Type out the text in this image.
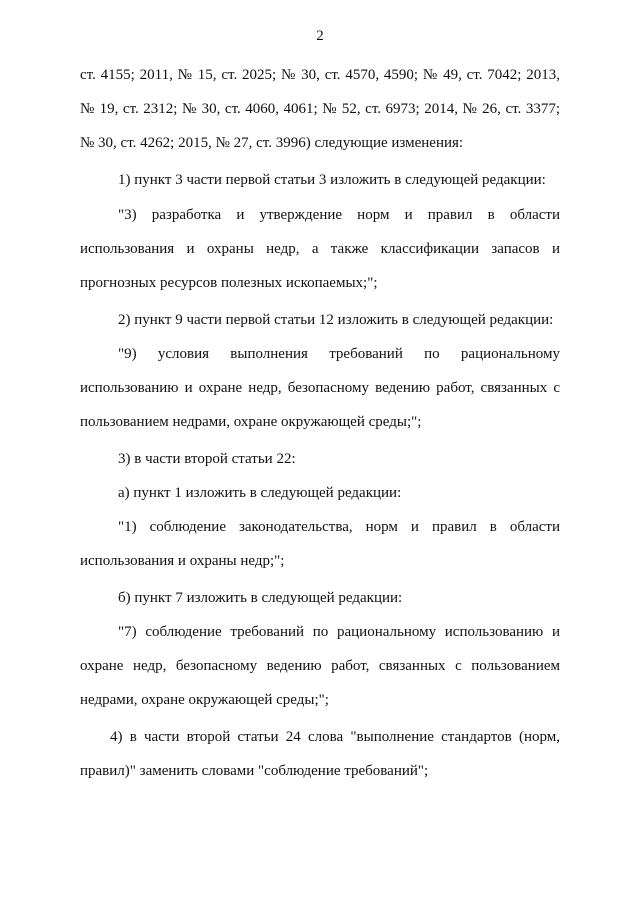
2
ст. 4155; 2011, № 15, ст. 2025; № 30, ст. 4570, 4590; № 49, ст. 7042; 2013,
№ 19, ст. 2312; № 30, ст. 4060, 4061; № 52, ст. 6973; 2014, № 26, ст. 3377;
№ 30, ст. 4262; 2015, № 27, ст. 3996) следующие изменения:
1) пункт 3 части первой статьи 3 изложить в следующей редакции:
"3) разработка и утверждение норм и правил в области
использования и охраны недр, а также классификации запасов и
прогнозных ресурсов полезных ископаемых;";
2) пункт 9 части первой статьи 12 изложить в следующей редакции:
"9) условия выполнения требований по рациональному
использованию и охране недр, безопасному ведению работ, связанных с
пользованием недрами, охране окружающей среды;";
3) в части второй статьи 22:
а) пункт 1 изложить в следующей редакции:
"1) соблюдение законодательства, норм и правил в области
использования и охраны недр;";
б) пункт 7 изложить в следующей редакции:
"7) соблюдение требований по рациональному использованию и
охране недр, безопасному ведению работ, связанных с пользованием
недрами, охране окружающей среды;";
4) в части второй статьи 24 слова "выполнение стандартов (норм,
правил)" заменить словами "соблюдение требований";
